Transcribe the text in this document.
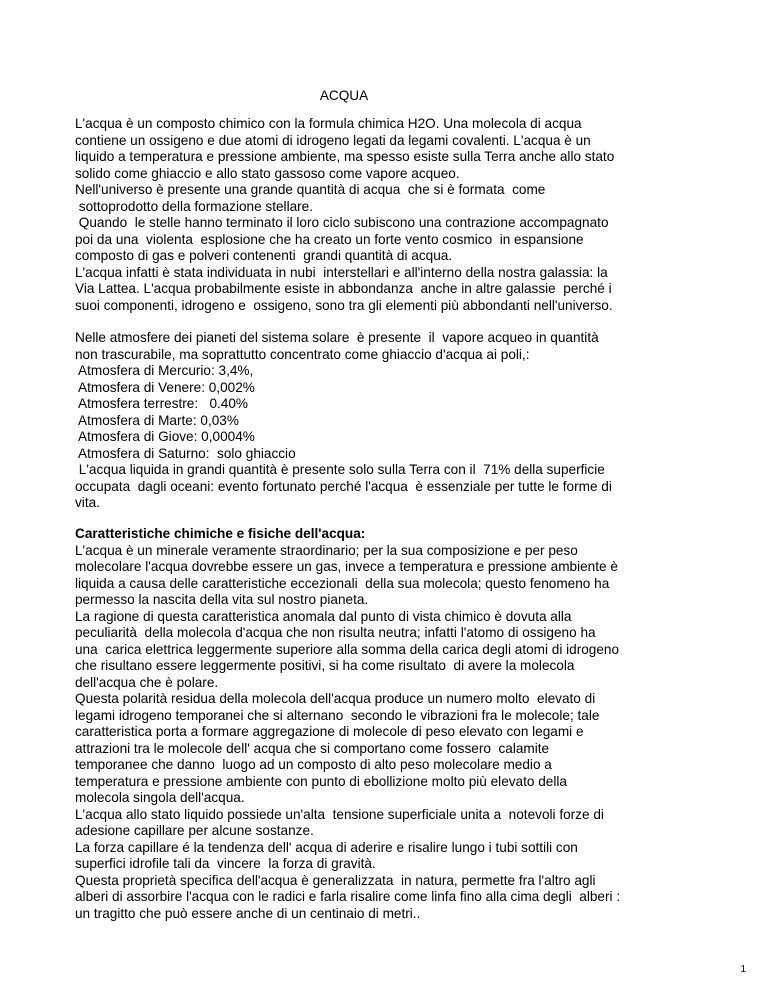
ACQUA
L'acqua è un composto chimico con la formula chimica H2O. Una molecola di acqua
contiene un ossigeno e due atomi di idrogeno legati da legami covalenti. L'acqua è un
liquido a temperatura e pressione ambiente, ma spesso esiste sulla Terra anche allo stato
solido come ghiaccio e allo stato gassoso come vapore acqueo.
Nell'universo è presente una grande quantità di acqua  che si è formata  come
sottoprodotto della formazione stellare.
Quando  le stelle hanno terminato il loro ciclo subiscono una contrazione accompagnato
poi da una  violenta  esplosione che ha creato un forte vento cosmico  in espansione
composto di gas e polveri contenenti  grandi quantità di acqua.
L'acqua infatti è stata individuata in nubi  interstellari e all'interno della nostra galassia: la
Via Lattea. L'acqua probabilmente esiste in abbondanza  anche in altre galassie  perché i
suoi componenti, idrogeno e  ossigeno, sono tra gli elementi più abbondanti nell'universo.
Nelle atmosfere dei pianeti del sistema solare  è presente  il  vapore acqueo in quantità
non trascurabile, ma soprattutto concentrato come ghiaccio d'acqua ai poli,:
Atmosfera di Mercurio: 3,4%,
Atmosfera di Venere: 0,002%
Atmosfera terrestre:   0.40%
Atmosfera di Marte: 0,03%
Atmosfera di Giove: 0,0004%
Atmosfera di Saturno:  solo ghiaccio
L'acqua liquida in grandi quantità è presente solo sulla Terra con il  71% della superficie
occupata  dagli oceani: evento fortunato perché l'acqua  è essenziale per tutte le forme di
vita.
Caratteristiche chimiche e fisiche dell'acqua:
L'acqua è un minerale veramente straordinario; per la sua composizione e per peso
molecolare l'acqua dovrebbe essere un gas, invece a temperatura e pressione ambiente è
liquida a causa delle caratteristiche eccezionali  della sua molecola; questo fenomeno ha
permesso la nascita della vita sul nostro pianeta.
La ragione di questa caratteristica anomala dal punto di vista chimico è dovuta alla
peculiarità  della molecola d'acqua che non risulta neutra; infatti l'atomo di ossigeno ha
una  carica elettrica leggermente superiore alla somma della carica degli atomi di idrogeno
che risultano essere leggermente positivi, si ha come risultato  di avere la molecola
dell'acqua che è polare.
Questa polarità residua della molecola dell'acqua produce un numero molto  elevato di
legami idrogeno temporanei che si alternano  secondo le vibrazioni fra le molecole; tale
caratteristica porta a formare aggregazione di molecole di peso elevato con legami e
attrazioni tra le molecole dell' acqua che si comportano come fossero  calamite
temporanee che danno  luogo ad un composto di alto peso molecolare medio a
temperatura e pressione ambiente con punto di ebollizione molto più elevato della
molecola singola dell'acqua.
L'acqua allo stato liquido possiede un'alta  tensione superficiale unita a  notevoli forze di
adesione capillare per alcune sostanze.
La forza capillare é la tendenza dell' acqua di aderire e risalire lungo i tubi sottili con
superfici idrofile tali da  vincere  la forza di gravità.
Questa proprietà specifica dell'acqua è generalizzata  in natura, permette fra l'altro agli
alberi di assorbire l'acqua con le radici e farla risalire come linfa fino alla cima degli  alberi :
un tragitto che può essere anche di un centinaio di metri..
1
